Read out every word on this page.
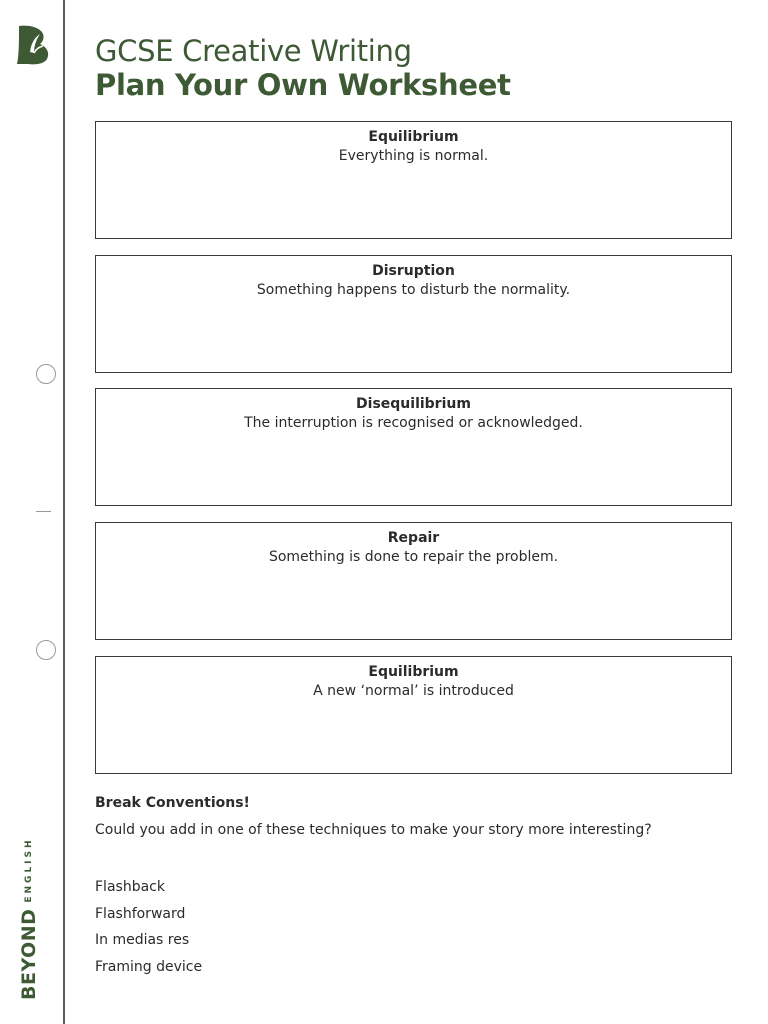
BEYOND
ENGLISH
GCSE Creative Writing
Plan Your Own Worksheet
Equilibrium
Everything is normal.
Disruption
Something happens to disturb the normality.
Disequilibrium
The interruption is recognised or acknowledged.
Repair
Something is done to repair the problem.
Equilibrium
A new ‘normal’ is introduced
Break Conventions!
Could you add in one of these techniques to make your story more interesting?
Flashback
Flashforward
In medias res
Framing device
